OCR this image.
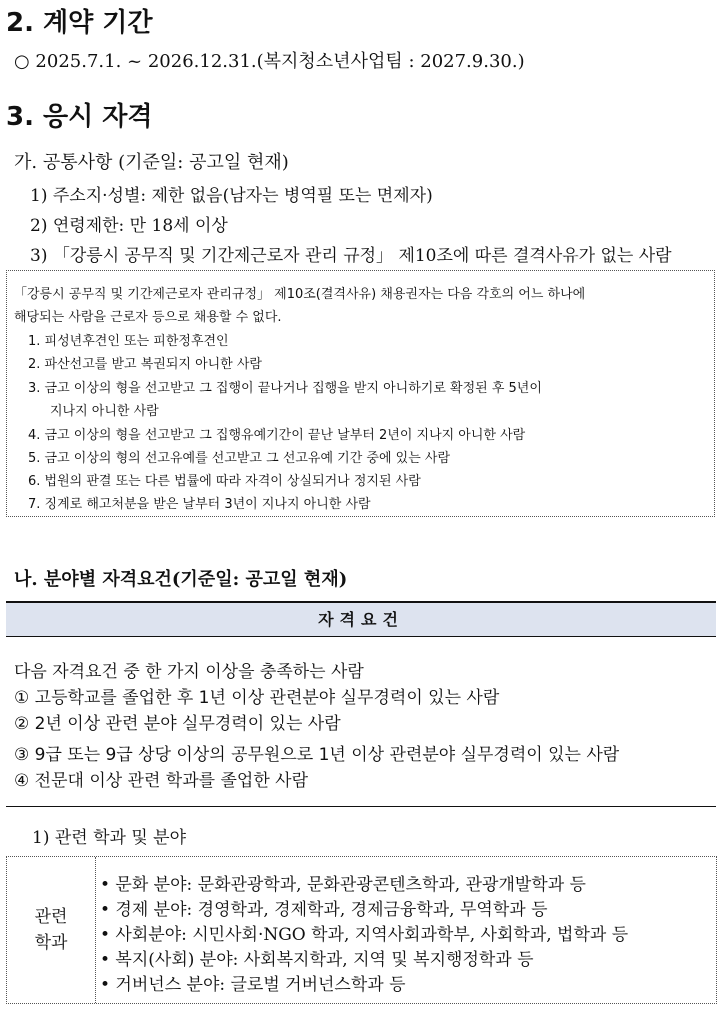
2. 계약 기간
○ 2025.7.1. ~ 2026.12.31.(복지청소년사업팀 : 2027.9.30.)
3. 응시 자격
가. 공통사항 (기준일: 공고일 현재)
1) 주소지·성별: 제한 없음(남자는 병역필 또는 면제자)
2) 연령제한: 만 18세 이상
3) 「강릉시 공무직 및 기간제근로자 관리 규정」 제10조에 따른 결격사유가 없는 사람
「강릉시 공무직 및 기간제근로자 관리규정」 제10조(결격사유) 채용권자는 다음 각호의 어느 하나에
해당되는 사람을 근로자 등으로 채용할 수 없다.
1. 피성년후견인 또는 피한정후견인
2. 파산선고를 받고 복권되지 아니한 사람
3. 금고 이상의 형을 선고받고 그 집행이 끝나거나 집행을 받지 아니하기로 확정된 후 5년이
지나지 아니한 사람
4. 금고 이상의 형을 선고받고 그 집행유예기간이 끝난 날부터 2년이 지나지 아니한 사람
5. 금고 이상의 형의 선고유예를 선고받고 그 선고유예 기간 중에 있는 사람
6. 법원의 판결 또는 다른 법률에 따라 자격이 상실되거나 정지된 사람
7. 징계로 해고처분을 받은 날부터 3년이 지나지 아니한 사람
나. 분야별 자격요건(기준일: 공고일 현재)
자격요건
다음 자격요건 중 한 가지 이상을 충족하는 사람
① 고등학교를 졸업한 후 1년 이상 관련분야 실무경력이 있는 사람
② 2년 이상 관련 분야 실무경력이 있는 사람
③ 9급 또는 9급 상당 이상의 공무원으로 1년 이상 관련분야 실무경력이 있는 사람
④ 전문대 이상 관련 학과를 졸업한 사람
1) 관련 학과 및 분야
관련
학과
• 문화 분야: 문화관광학과, 문화관광콘텐츠학과, 관광개발학과 등
• 경제 분야: 경영학과, 경제학과, 경제금융학과, 무역학과 등
• 사회분야: 시민사회·NGO 학과, 지역사회과학부, 사회학과, 법학과 등
• 복지(사회) 분야: 사회복지학과, 지역 및 복지행정학과 등
• 거버넌스 분야: 글로벌 거버넌스학과 등
